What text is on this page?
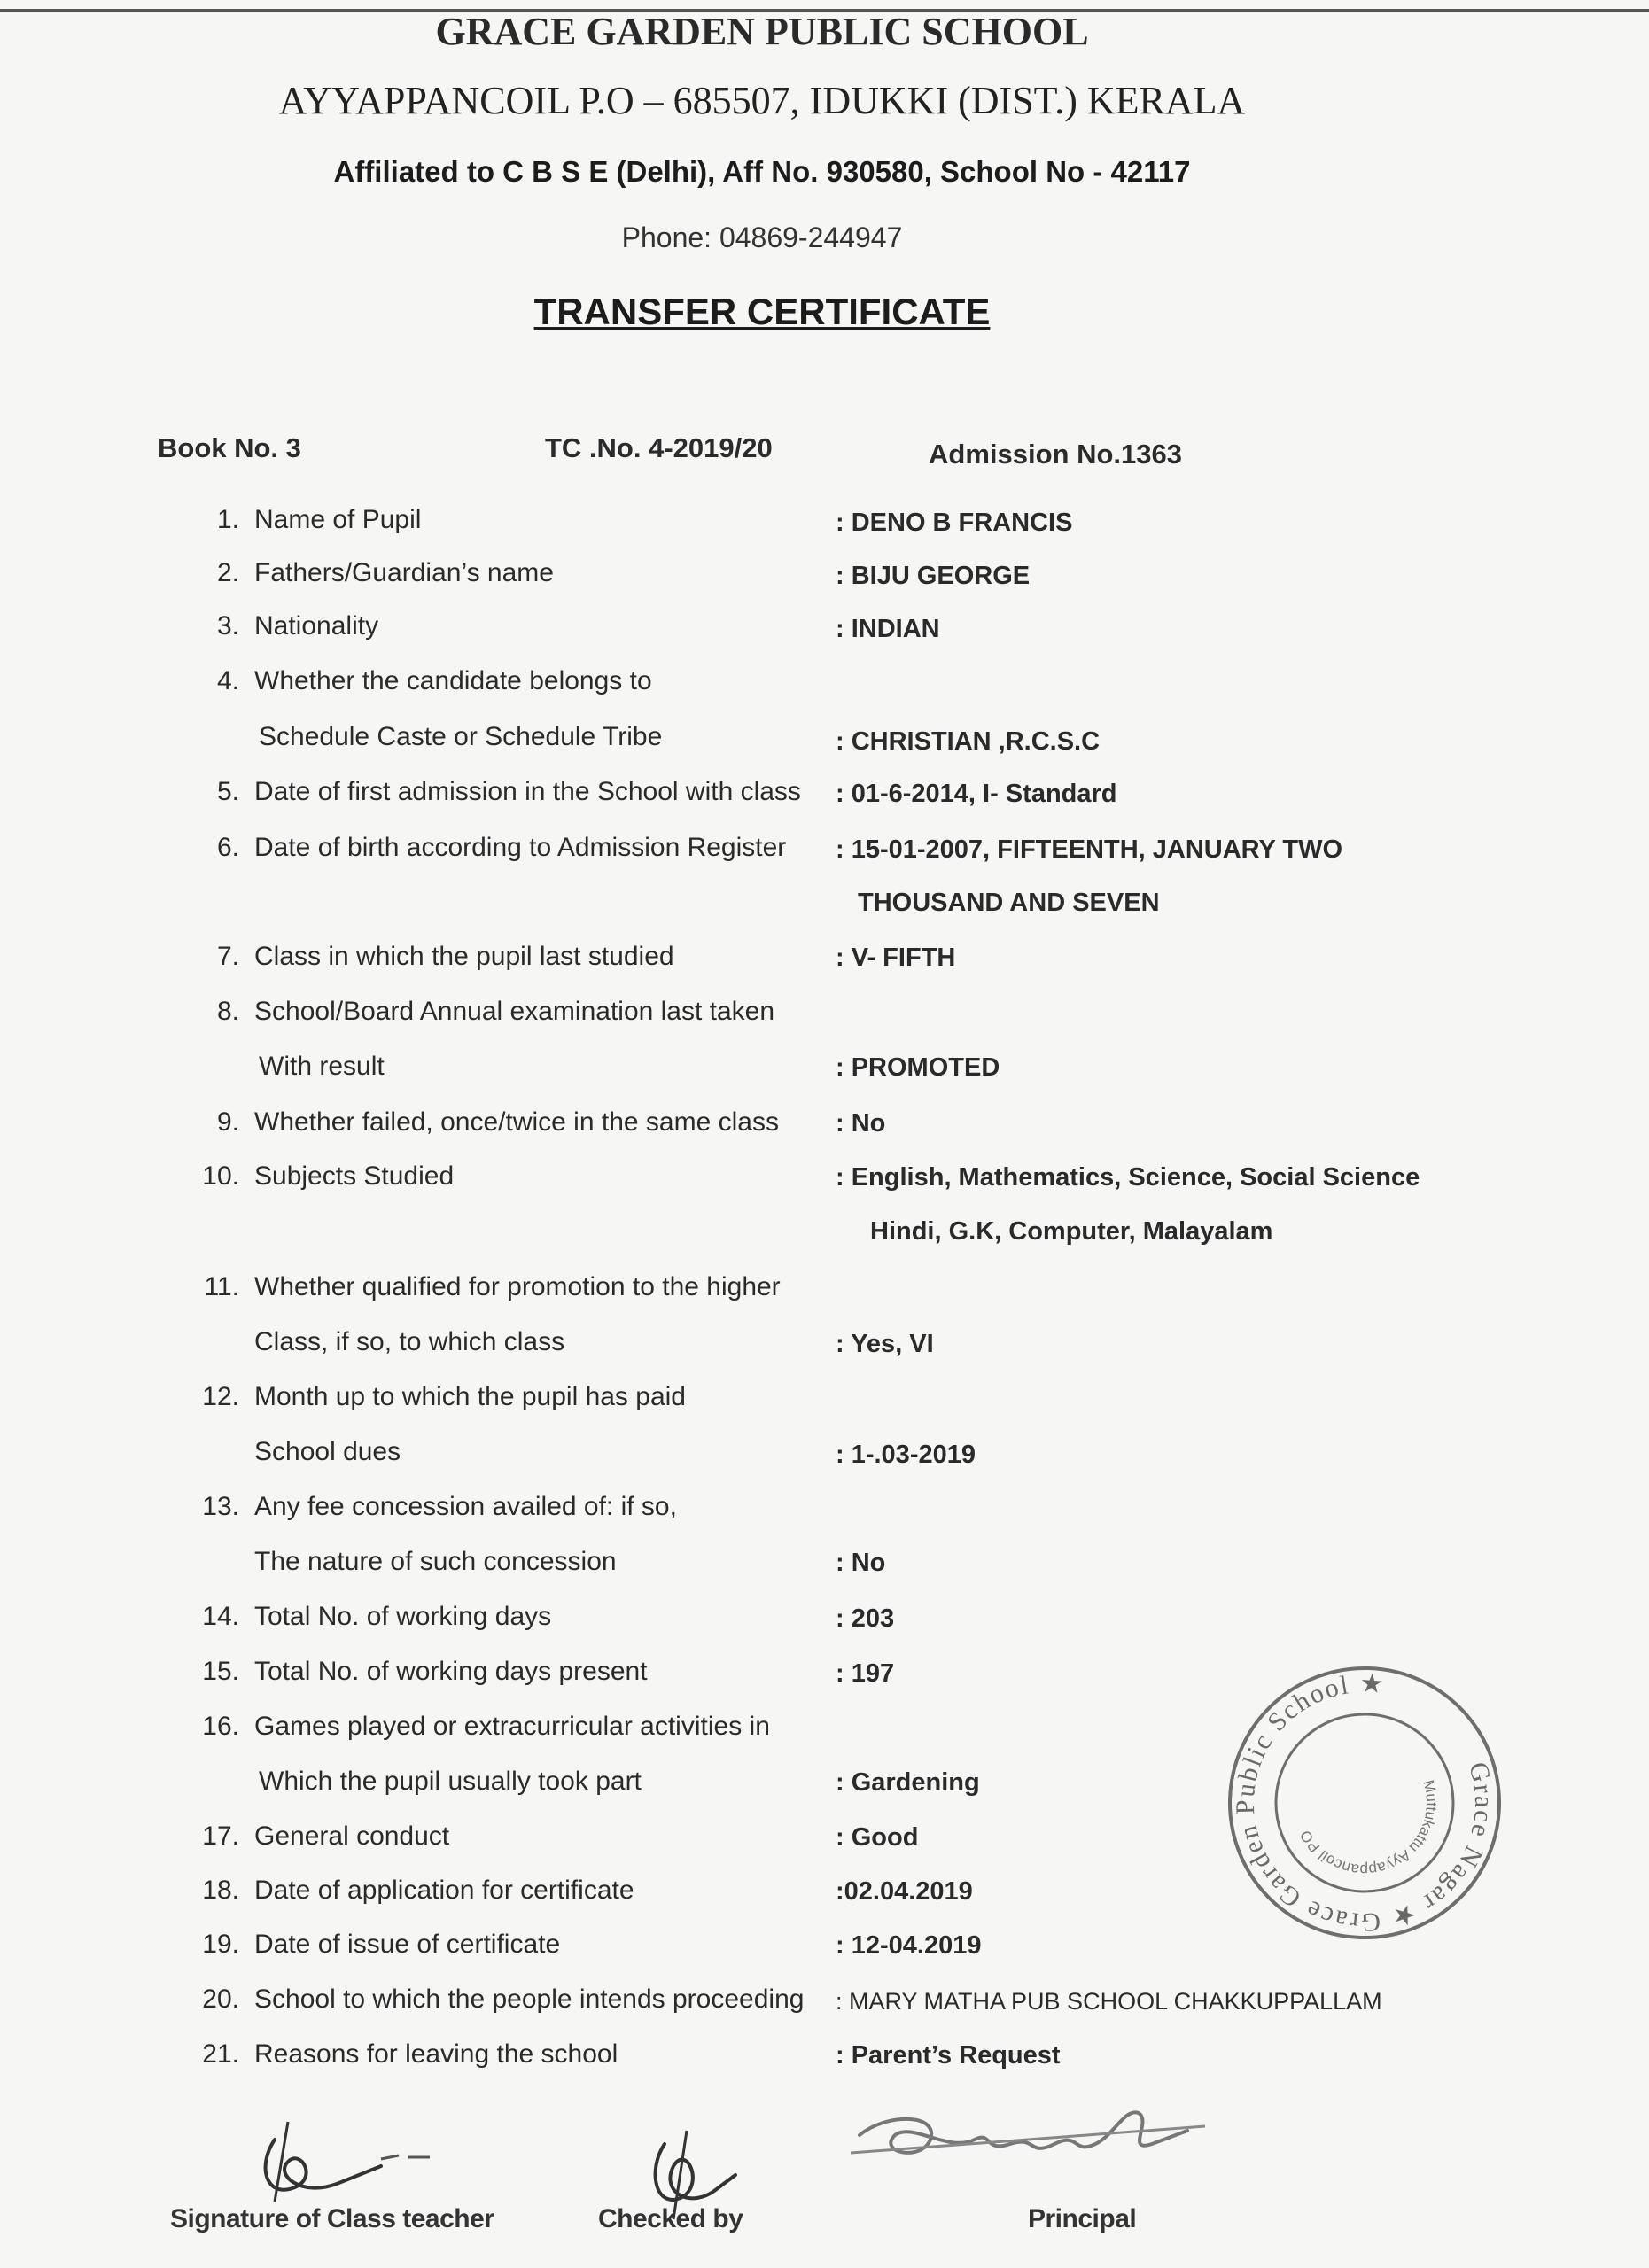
GRACE GARDEN PUBLIC SCHOOL
AYYAPPANCOIL P.O – 685507, IDUKKI (DIST.) KERALA
Affiliated to C B S E (Delhi), Aff No. 930580, School No - 42117
Phone: 04869-244947
TRANSFER CERTIFICATE
Book No. 3	TC .No. 4-2019/20	Admission No.1363
1. Name of Pupil	: DENO B FRANCIS
2. Fathers/Guardian’s name	: BIJU GEORGE
3. Nationality	: INDIAN
4. Whether the candidate belongs to
Schedule Caste or Schedule Tribe	: CHRISTIAN ,R.C.S.C
5. Date of first admission in the School with class : 01-6-2014, I- Standard
6. Date of birth according to Admission Register : 15-01-2007, FIFTEENTH, JANUARY TWO
THOUSAND AND SEVEN
7. Class in which the pupil last studied	: V- FIFTH
8. School/Board Annual examination last taken
With result	: PROMOTED
9. Whether failed, once/twice in the same class : No
10. Subjects Studied	: English, Mathematics, Science, Social Science
Hindi, G.K, Computer, Malayalam
11. Whether qualified for promotion to the higher
Class, if so, to which class	: Yes, VI
12. Month up to which the pupil has paid
School dues	: 1-.03-2019
13. Any fee concession availed of: if so,
The nature of such concession	: No
14. Total No. of working days	: 203
15. Total No. of working days present	: 197
16. Games played or extracurricular activities in
Which the pupil usually took part	: Gardening
17. General conduct	: Good
18. Date of application for certificate	:02.04.2019
19. Date of issue of certificate	: 12-04.2019
20. School to which the people intends proceeding : MARY MATHA PUB SCHOOL CHAKKUPPALLAM
21. Reasons for leaving the school	: Parent’s Request
Grace Nagar ★ Grace Garden Public School ★
Muttukattu Ayyappancoil PO
Signature of Class teacher	Checked by	Principal
